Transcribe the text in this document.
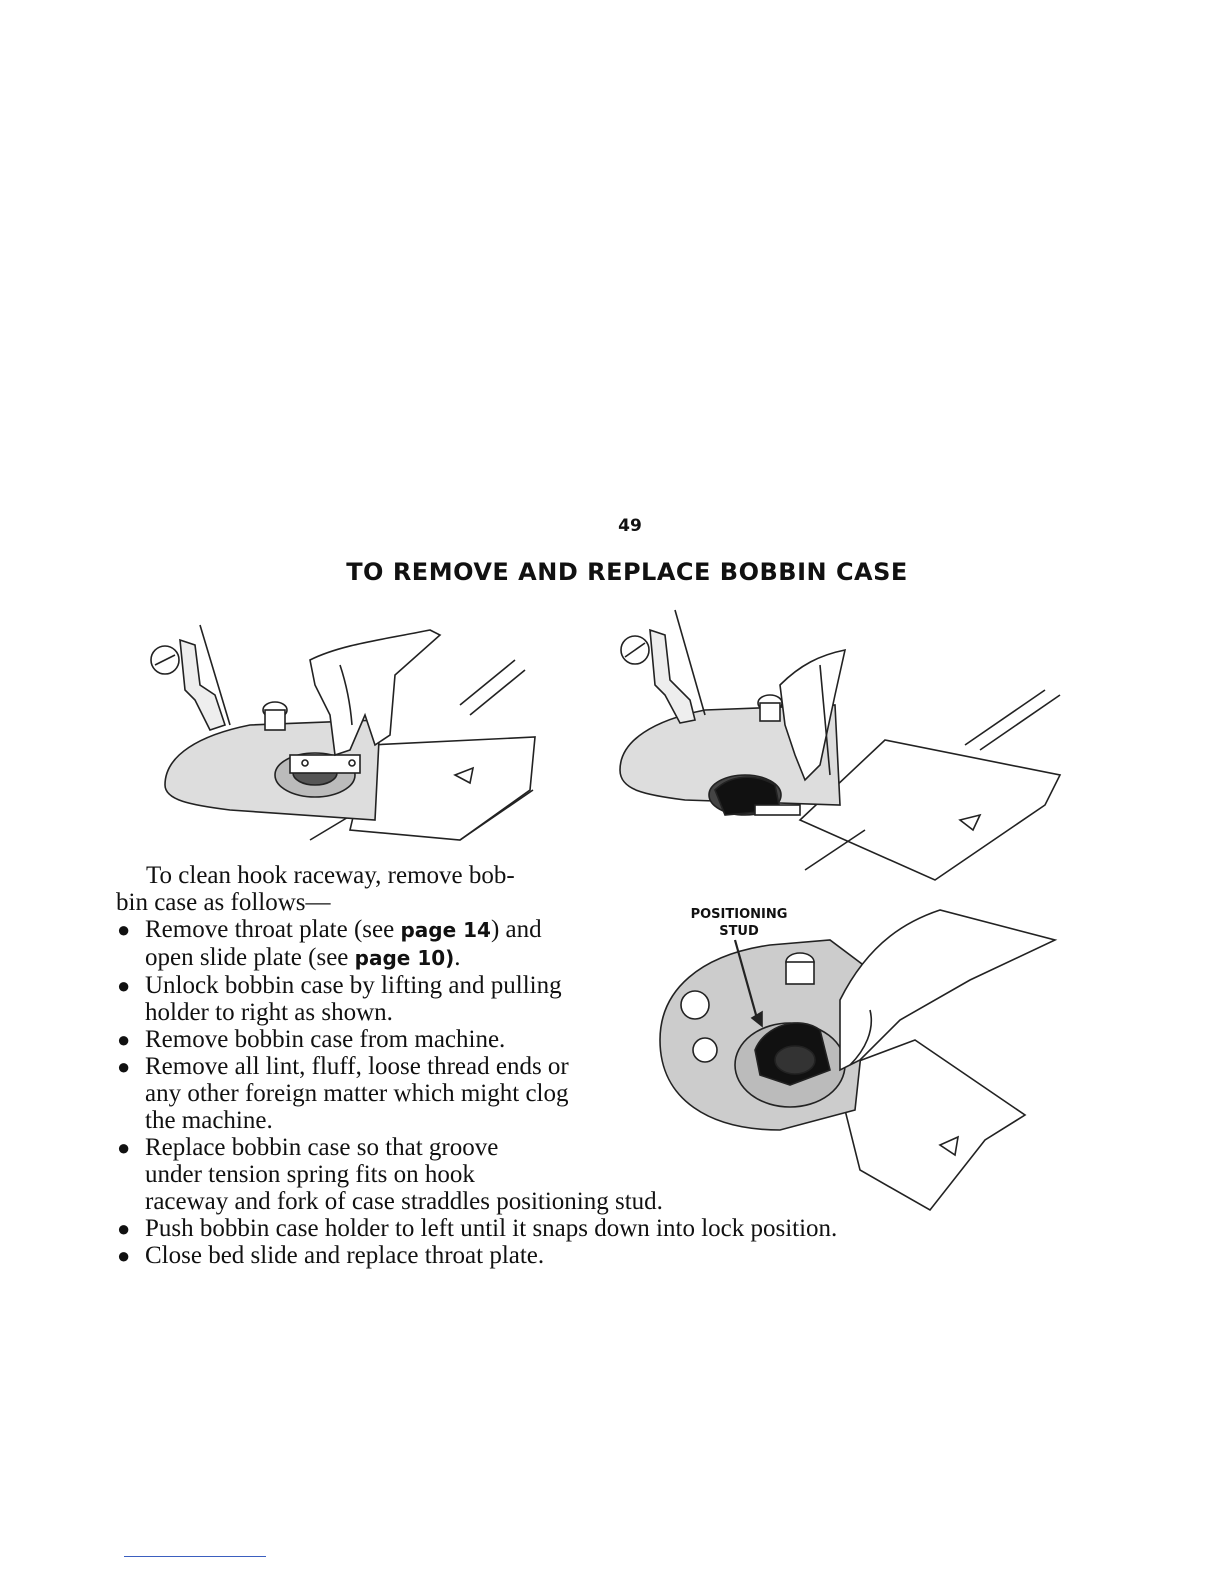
49
TO REMOVE AND REPLACE BOBBIN CASE
POSITIONING
STUD

To clean hook raceway, remove bob-
bin case as follows—

● Remove throat plate (see page 14) and open slide plate (see page 10).
● Unlock bobbin case by lifting and pulling holder to right as shown.
● Remove bobbin case from machine.
● Remove all lint, fluff, loose thread ends or any other foreign matter which might clog the machine.
● Replace bobbin case so that groove
under tension spring fits on hook
raceway and fork of case straddles positioning stud.
● Push bobbin case holder to left until it snaps down into lock position.
● Close bed slide and replace throat plate.
